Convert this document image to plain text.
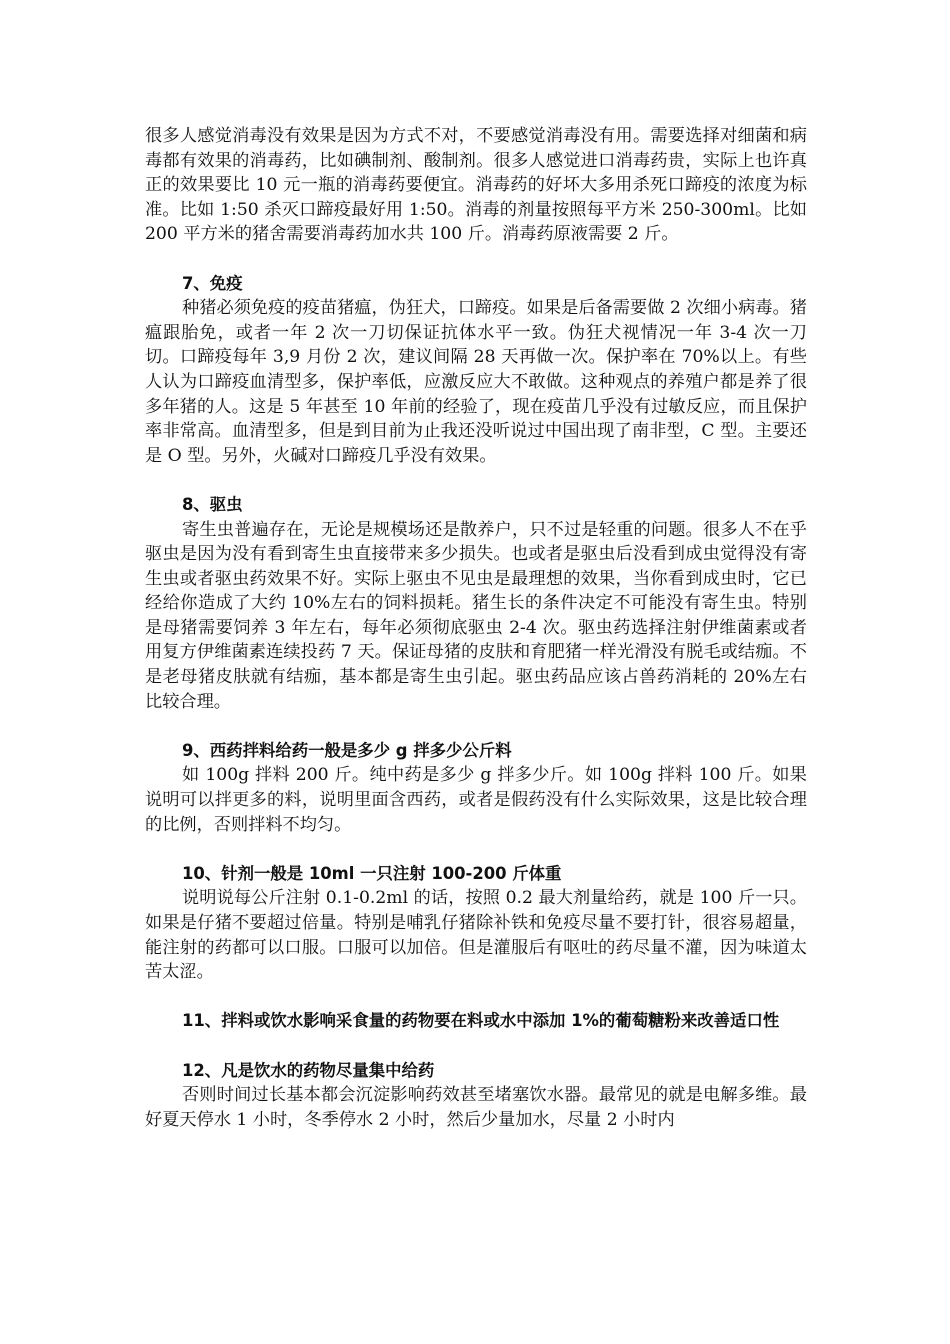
很多人感觉消毒没有效果是因为方式不对，不要感觉消毒没有用。需要选择对细菌和病毒都有效果的消毒药，比如碘制剂、酸制剂。很多人感觉进口消毒药贵，实际上也许真正的效果要比 10 元一瓶的消毒药要便宜。消毒药的好坏大多用杀死口蹄疫的浓度为标准。比如 1:50 杀灭口蹄疫最好用 1:50。消毒的剂量按照每平方米 250-300ml。比如 200 平方米的猪舍需要消毒药加水共 100 斤。消毒药原液需要 2 斤。

7、免疫

种猪必须免疫的疫苗猪瘟，伪狂犬，口蹄疫。如果是后备需要做 2 次细小病毒。猪瘟跟胎免，或者一年 2 次一刀切保证抗体水平一致。伪狂犬视情况一年 3-4 次一刀切。口蹄疫每年 3,9 月份 2 次，建议间隔 28 天再做一次。保护率在 70%以上。有些人认为口蹄疫血清型多，保护率低，应激反应大不敢做。这种观点的养殖户都是养了很多年猪的人。这是 5 年甚至 10 年前的经验了，现在疫苗几乎没有过敏反应，而且保护率非常高。血清型多，但是到目前为止我还没听说过中国出现了南非型，C 型。主要还是 O 型。另外，火碱对口蹄疫几乎没有效果。

8、驱虫

寄生虫普遍存在，无论是规模场还是散养户，只不过是轻重的问题。很多人不在乎驱虫是因为没有看到寄生虫直接带来多少损失。也或者是驱虫后没看到成虫觉得没有寄生虫或者驱虫药效果不好。实际上驱虫不见虫是最理想的效果，当你看到成虫时，它已经给你造成了大约 10%左右的饲料损耗。猪生长的条件决定不可能没有寄生虫。特别是母猪需要饲养 3 年左右，每年必须彻底驱虫 2-4 次。驱虫药选择注射伊维菌素或者用复方伊维菌素连续投药 7 天。保证母猪的皮肤和育肥猪一样光滑没有脱毛或结痂。不是老母猪皮肤就有结痂，基本都是寄生虫引起。驱虫药品应该占兽药消耗的 20%左右比较合理。

9、西药拌料给药一般是多少 g 拌多少公斤料

如 100g 拌料 200 斤。纯中药是多少 g 拌多少斤。如 100g 拌料 100 斤。如果说明可以拌更多的料，说明里面含西药，或者是假药没有什么实际效果，这是比较合理的比例，否则拌料不均匀。

10、针剂一般是 10ml 一只注射 100-200 斤体重

说明说每公斤注射 0.1-0.2ml 的话，按照 0.2 最大剂量给药，就是 100 斤一只。如果是仔猪不要超过倍量。特别是哺乳仔猪除补铁和免疫尽量不要打针，很容易超量，能注射的药都可以口服。口服可以加倍。但是灌服后有呕吐的药尽量不灌，因为味道太苦太涩。

11、拌料或饮水影响采食量的药物要在料或水中添加 1%的葡萄糖粉来改善适口性

12、凡是饮水的药物尽量集中给药

否则时间过长基本都会沉淀影响药效甚至堵塞饮水器。最常见的就是电解多维。最好夏天停水 1 小时，冬季停水 2 小时，然后少量加水，尽量 2 小时内
